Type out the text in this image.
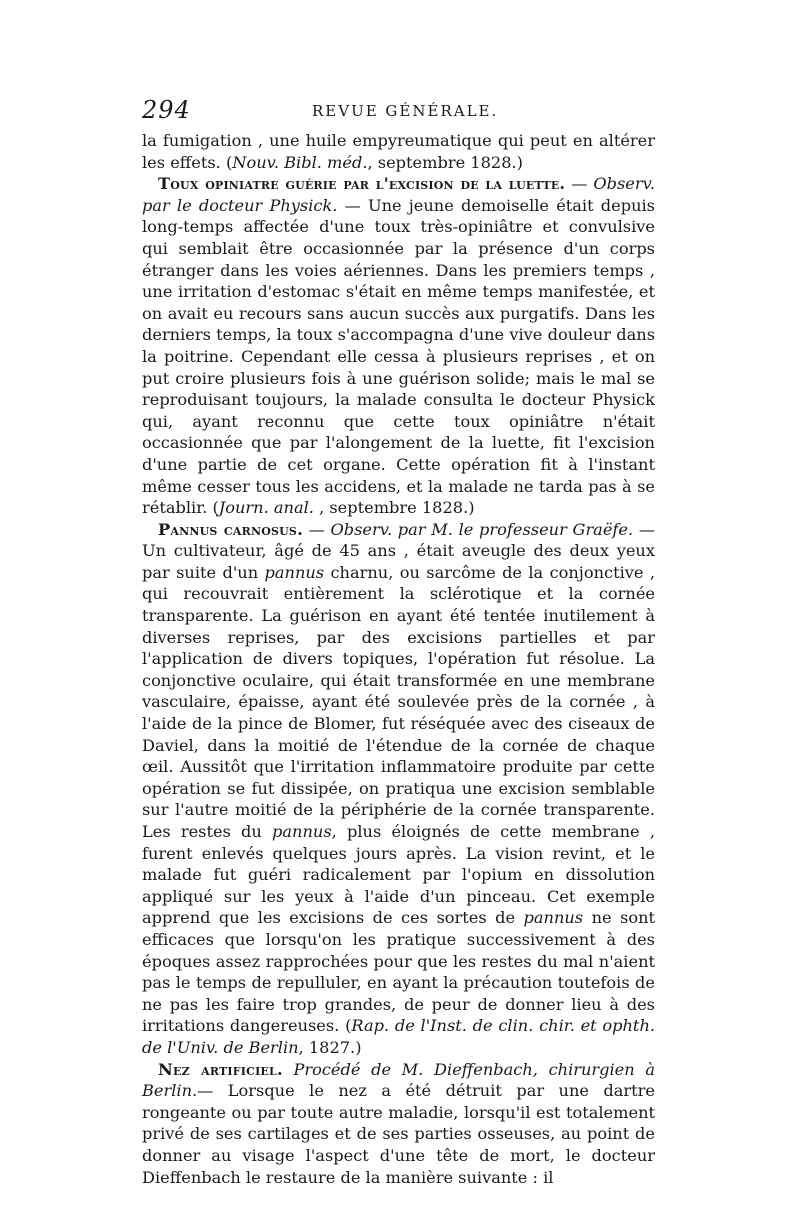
294	REVUE GÉNÉRALE.

la fumigation , une huile empyreumatique qui peut en altérer les effets. (Nouv. Bibl. méd., septembre 1828.)

Toux opiniatre guérie par l'excision de la luette. — Observ. par le docteur Physick. — Une jeune demoiselle était depuis long-temps affectée d'une toux très-opiniâtre et convulsive qui semblait être occasionnée par la présence d'un corps étranger dans les voies aériennes. Dans les premiers temps , une irritation d'estomac s'était en même temps manifestée, et on avait eu recours sans aucun succès aux purgatifs. Dans les derniers temps, la toux s'accompagna d'une vive douleur dans la poitrine. Cependant elle cessa à plusieurs reprises , et on put croire plusieurs fois à une guérison solide; mais le mal se reproduisant toujours, la malade consulta le docteur Physick qui, ayant reconnu que cette toux opiniâtre n'était occasionnée que par l'alongement de la luette, fit l'excision d'une partie de cet organe. Cette opération fit à l'instant même cesser tous les accidens, et la malade ne tarda pas à se rétablir. (Journ. anal. , septembre 1828.)

Pannus carnosus. — Observ. par M. le professeur Graëfe. — Un cultivateur, âgé de 45 ans , était aveugle des deux yeux par suite d'un pannus charnu, ou sarcôme de la conjonctive , qui recouvrait entièrement la sclérotique et la cornée transparente. La guérison en ayant été tentée inutilement à diverses reprises, par des excisions partielles et par l'application de divers topiques, l'opération fut résolue. La conjonctive oculaire, qui était transformée en une membrane vasculaire, épaisse, ayant été soulevée près de la cornée , à l'aide de la pince de Blomer, fut réséquée avec des ciseaux de Daviel, dans la moitié de l'étendue de la cornée de chaque œil. Aussitôt que l'irritation inflammatoire produite par cette opération se fut dissipée, on pratiqua une excision semblable sur l'autre moitié de la périphérie de la cornée transparente. Les restes du pannus, plus éloignés de cette membrane , furent enlevés quelques jours après. La vision revint, et le malade fut guéri radicalement par l'opium en dissolution appliqué sur les yeux à l'aide d'un pinceau. Cet exemple apprend que les excisions de ces sortes de pannus ne sont efficaces que lorsqu'on les pratique successivement à des époques assez rapprochées pour que les restes du mal n'aient pas le temps de repulluler, en ayant la précaution toutefois de ne pas les faire trop grandes, de peur de donner lieu à des irritations dangereuses. (Rap. de l'Inst. de clin. chir. et ophth. de l'Univ. de Berlin, 1827.)

Nez artificiel. Procédé de M. Dieffenbach, chirurgien à Berlin.— Lorsque le nez a été détruit par une dartre rongeante ou par toute autre maladie, lorsqu'il est totalement privé de ses cartilages et de ses parties osseuses, au point de donner au visage l'aspect d'une tête de mort, le docteur Dieffenbach le restaure de la manière suivante : il
